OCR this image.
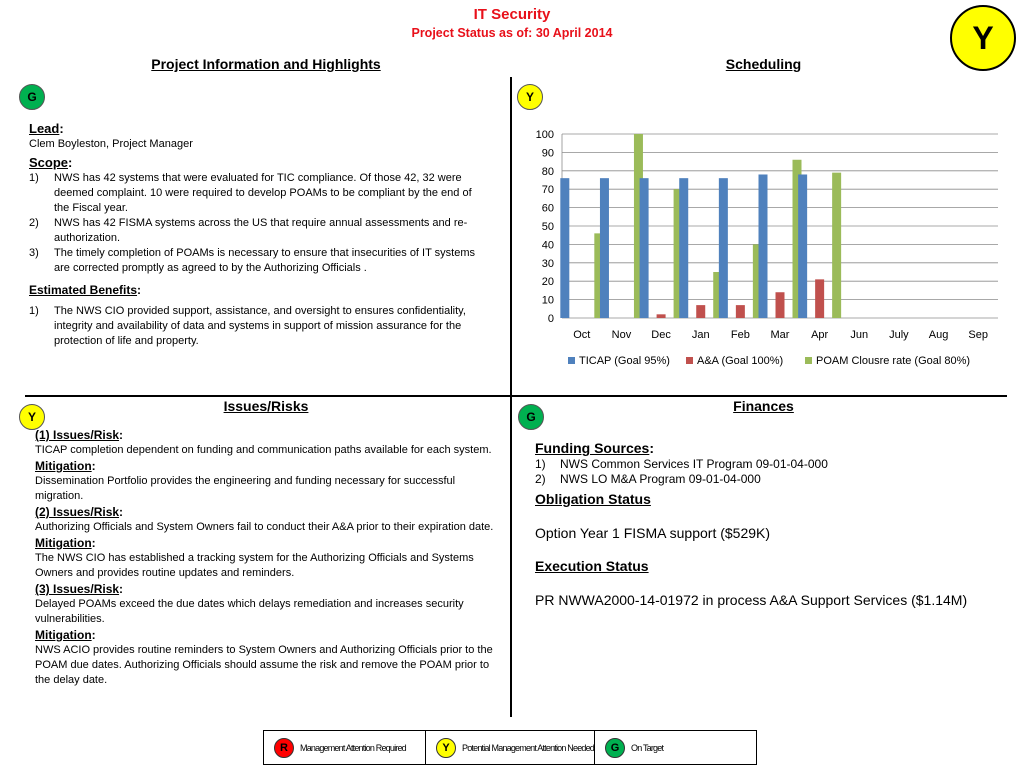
IT Security
Project Status as of: 30 April 2014	Y
Project Information and Highlights
G
Lead:
Clem Boyleston, Project Manager
Scope:
1) NWS has 42 systems that were evaluated for TIC compliance. Of those 42, 32 were deemed complaint. 10 were required to develop POAMs to be compliant by the end of the Fiscal year.
2) NWS has 42 FISMA systems across the US that require annual assessments and re-authorization.
3) The timely completion of POAMs is necessary to ensure that insecurities of IT systems are corrected promptly as agreed to by the Authorizing Officials .
Estimated Benefits:
1) The NWS CIO provided support, assistance, and oversight to ensures confidentiality, integrity and availability of data and systems in support of mission assurance for the protection of life and property.
Scheduling
Y
0
10
20
30
40
50
60
70
80
90
100
Oct Nov Dec Jan Feb Mar Apr Jun July Aug Sep
TICAP (Goal 95%) A&A (Goal 100%)	POAM Clousre rate (Goal 80%)
Issues/Risks
Y
(1) Issues/Risk:
TICAP completion dependent on funding and communication paths available for each system.
Mitigation:
Dissemination Portfolio provides the engineering and funding necessary for successful migration.
(2) Issues/Risk:
Authorizing Officials and System Owners fail to conduct their A&A prior to their expiration date.
Mitigation:
The NWS CIO has established a tracking system for the Authorizing Officials and Systems Owners and provides routine updates and reminders.
(3) Issues/Risk:
Delayed POAMs exceed the due dates which delays remediation and increases security vulnerabilities.
Mitigation:
NWS ACIO provides routine reminders to System Owners and Authorizing Officials prior to the POAM due dates. Authorizing Officials should assume the risk and remove the POAM prior to the delay date.
Finances
G
Funding Sources:
1) NWS Common Services IT Program 09-01-04-000
2) NWS LO M&A Program 09-01-04-000
Obligation Status
Option Year 1 FISMA support ($529K)
Execution Status
PR NWWA2000-14-01972 in process A&A Support Services ($1.14M)
R	Management Attention Required	Y	Potential Management Attention Needed	G	On Target
